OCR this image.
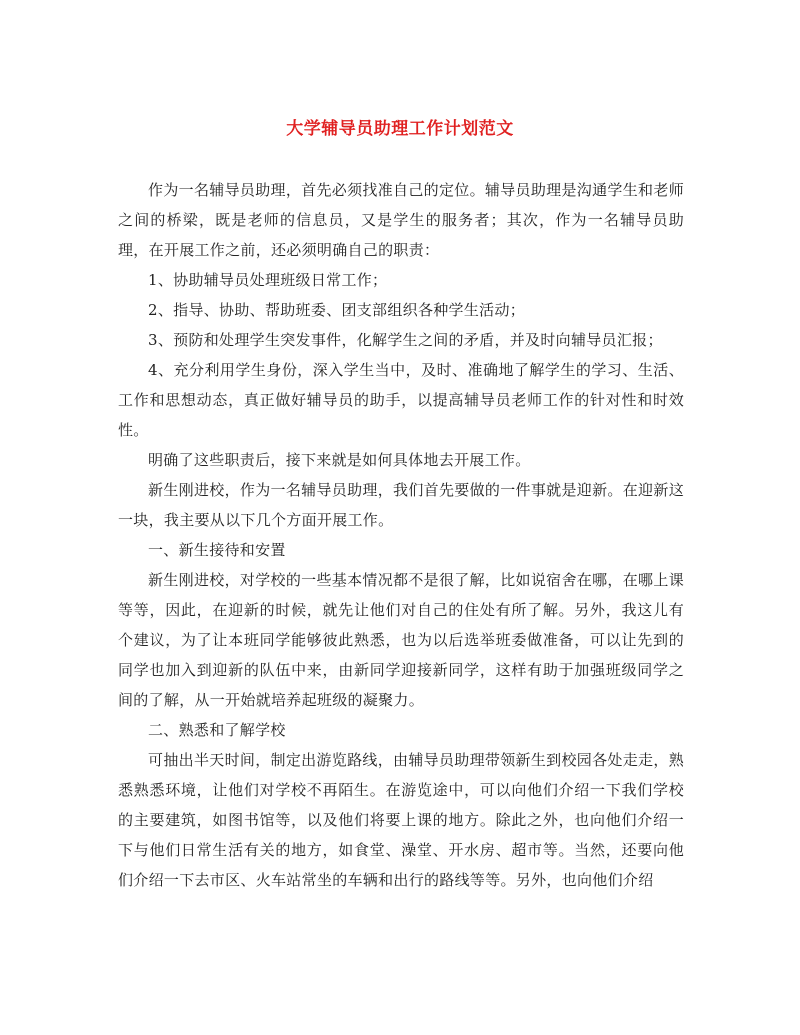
大学辅导员助理工作计划范文

作为一名辅导员助理，首先必须找准自己的定位。辅导员助理是沟通学生和老师之间的桥梁，既是老师的信息员，又是学生的服务者；其次，作为一名辅导员助理，在开展工作之前，还必须明确自己的职责：

1、协助辅导员处理班级日常工作；

2、指导、协助、帮助班委、团支部组织各种学生活动；

3、预防和处理学生突发事件，化解学生之间的矛盾，并及时向辅导员汇报；

4、充分利用学生身份，深入学生当中，及时、准确地了解学生的学习、生活、工作和思想动态，真正做好辅导员的助手，以提高辅导员老师工作的针对性和时效性。

明确了这些职责后，接下来就是如何具体地去开展工作。

新生刚进校，作为一名辅导员助理，我们首先要做的一件事就是迎新。在迎新这一块，我主要从以下几个方面开展工作。

一、新生接待和安置

新生刚进校，对学校的一些基本情况都不是很了解，比如说宿舍在哪，在哪上课等等，因此，在迎新的时候，就先让他们对自己的住处有所了解。另外，我这儿有个建议，为了让本班同学能够彼此熟悉，也为以后选举班委做准备，可以让先到的同学也加入到迎新的队伍中来，由新同学迎接新同学，这样有助于加强班级同学之间的了解，从一开始就培养起班级的凝聚力。

二、熟悉和了解学校

可抽出半天时间，制定出游览路线，由辅导员助理带领新生到校园各处走走，熟悉熟悉环境，让他们对学校不再陌生。在游览途中，可以向他们介绍一下我们学校的主要建筑，如图书馆等，以及他们将要上课的地方。除此之外，也向他们介绍一下与他们日常生活有关的地方，如食堂、澡堂、开水房、超市等。当然，还要向他们介绍一下去市区、火车站常坐的车辆和出行的路线等等。另外，也向他们介绍
